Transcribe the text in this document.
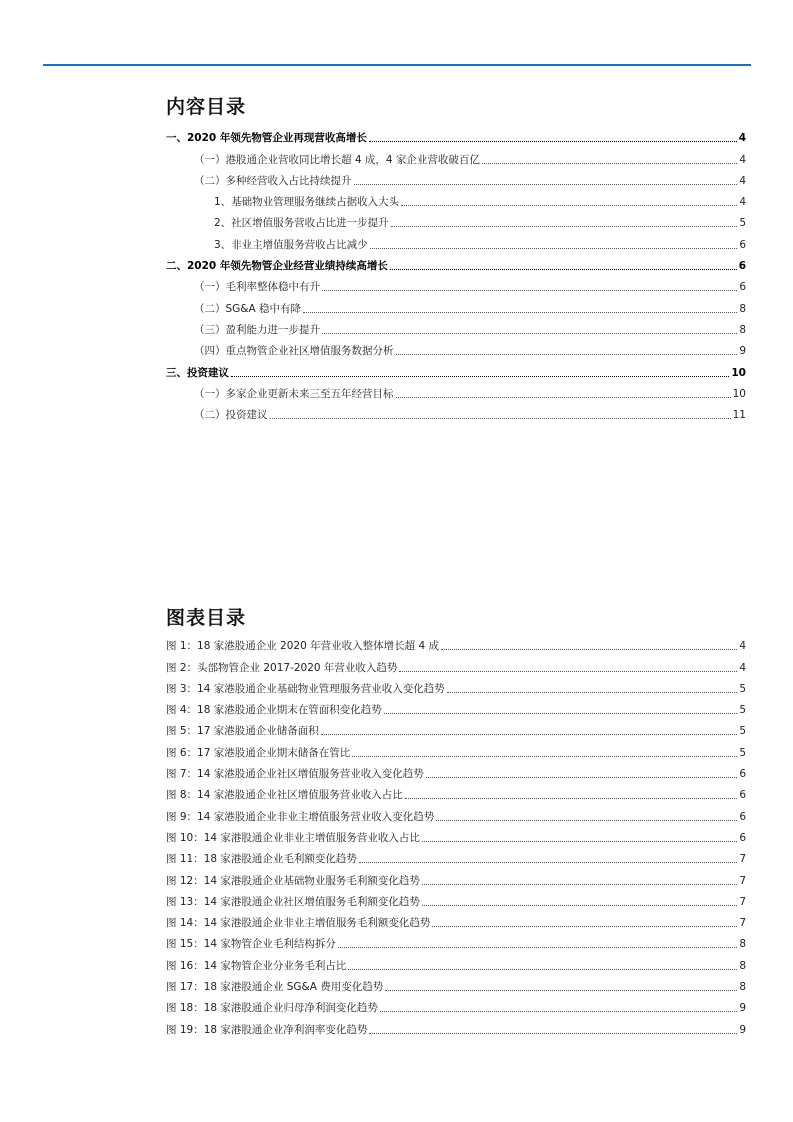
内容目录
一、2020 年领先物管企业再现营收高增长	4
（一）港股通企业营收同比增长超 4 成，4 家企业营收破百亿	4
（二）多种经营收入占比持续提升	4
1、基础物业管理服务继续占据收入大头	4
2、社区增值服务营收占比进一步提升	5
3、非业主增值服务营收占比减少	6
二、2020 年领先物管企业经营业绩持续高增长	6
（一）毛利率整体稳中有升	6
（二）SG&A 稳中有降	8
（三）盈利能力进一步提升	8
（四）重点物管企业社区增值服务数据分析	9
三、投资建议	10
（一）多家企业更新未来三至五年经营目标	10
（二）投资建议	11
图表目录
图 1：18 家港股通企业 2020 年营业收入整体增长超 4 成	4
图 2：头部物管企业 2017-2020 年营业收入趋势	4
图 3：14 家港股通企业基础物业管理服务营业收入变化趋势	5
图 4：18 家港股通企业期末在管面积变化趋势	5
图 5：17 家港股通企业储备面积	5
图 6：17 家港股通企业期末储备在管比	5
图 7：14 家港股通企业社区增值服务营业收入变化趋势	6
图 8：14 家港股通企业社区增值服务营业收入占比	6
图 9：14 家港股通企业非业主增值服务营业收入变化趋势	6
图 10：14 家港股通企业非业主增值服务营业收入占比	6
图 11：18 家港股通企业毛利额变化趋势	7
图 12：14 家港股通企业基础物业服务毛利额变化趋势	7
图 13：14 家港股通企业社区增值服务毛利额变化趋势	7
图 14：14 家港股通企业非业主增值服务毛利额变化趋势	7
图 15：14 家物管企业毛利结构拆分	8
图 16：14 家物管企业分业务毛利占比	8
图 17：18 家港股通企业 SG&A 费用变化趋势	8
图 18：18 家港股通企业归母净利润变化趋势	9
图 19：18 家港股通企业净利润率变化趋势	9
